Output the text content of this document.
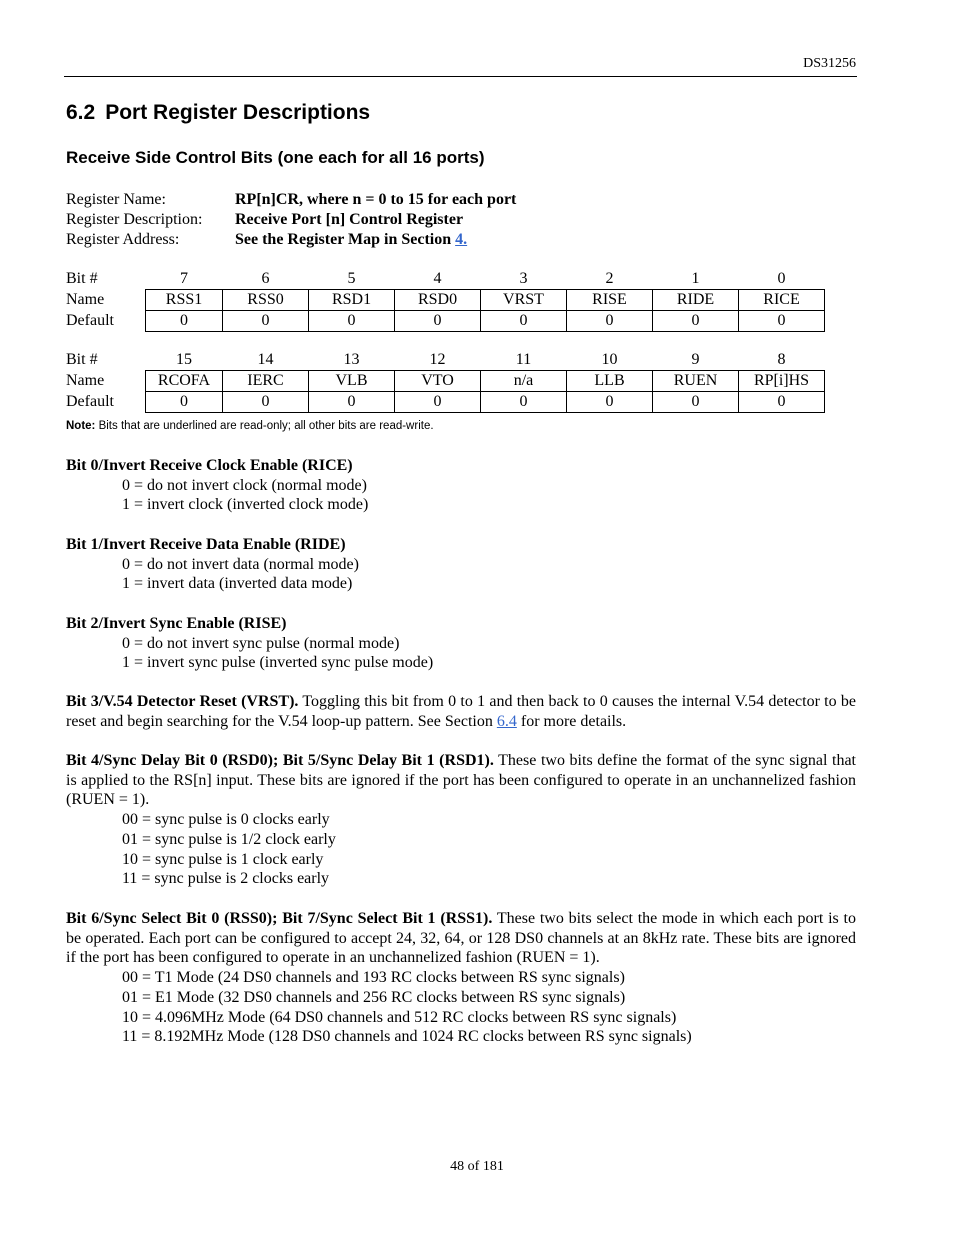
DS31256
6.2 Port Register Descriptions
Receive Side Control Bits (one each for all 16 ports)
Register Name:	RP[n]CR, where n = 0 to 15 for each port
Register Description:	Receive Port [n] Control Register
Register Address:	See the Register Map in Section 4.
Bit #	7	6	5	4	3	2	1	0
Name	RSS1	RSS0	RSD1	RSD0	VRST	RISE	RIDE	RICE
Default	0	0	0	0	0	0	0	0
Bit #	15	14	13	12	11	10	9	8
Name	RCOFA	IERC	VLB	VTO	n/a	LLB	RUEN	RP[i]HS
Default	0	0	0	0	0	0	0	0
Note: Bits that are underlined are read-only; all other bits are read-write.
Bit 0/Invert Receive Clock Enable (RICE)
0 = do not invert clock (normal mode)
1 = invert clock (inverted clock mode)
Bit 1/Invert Receive Data Enable (RIDE)
0 = do not invert data (normal mode)
1 = invert data (inverted data mode)
Bit 2/Invert Sync Enable (RISE)
0 = do not invert sync pulse (normal mode)
1 = invert sync pulse (inverted sync pulse mode)
Bit 3/V.54 Detector Reset (VRST). Toggling this bit from 0 to 1 and then back to 0 causes the internal V.54 detector to be reset and begin searching for the V.54 loop-up pattern. See Section 6.4 for more details.
Bit 4/Sync Delay Bit 0 (RSD0); Bit 5/Sync Delay Bit 1 (RSD1). These two bits define the format of the sync signal that is applied to the RS[n] input. These bits are ignored if the port has been configured to operate in an unchannelized fashion (RUEN = 1).
00 = sync pulse is 0 clocks early
01 = sync pulse is 1/2 clock early
10 = sync pulse is 1 clock early
11 = sync pulse is 2 clocks early
Bit 6/Sync Select Bit 0 (RSS0); Bit 7/Sync Select Bit 1 (RSS1). These two bits select the mode in which each port is to be operated. Each port can be configured to accept 24, 32, 64, or 128 DS0 channels at an 8kHz rate. These bits are ignored if the port has been configured to operate in an unchannelized fashion (RUEN = 1).
00 = T1 Mode (24 DS0 channels and 193 RC clocks between RS sync signals)
01 = E1 Mode (32 DS0 channels and 256 RC clocks between RS sync signals)
10 = 4.096MHz Mode (64 DS0 channels and 512 RC clocks between RS sync signals)
11 = 8.192MHz Mode (128 DS0 channels and 1024 RC clocks between RS sync signals)
48 of 181
